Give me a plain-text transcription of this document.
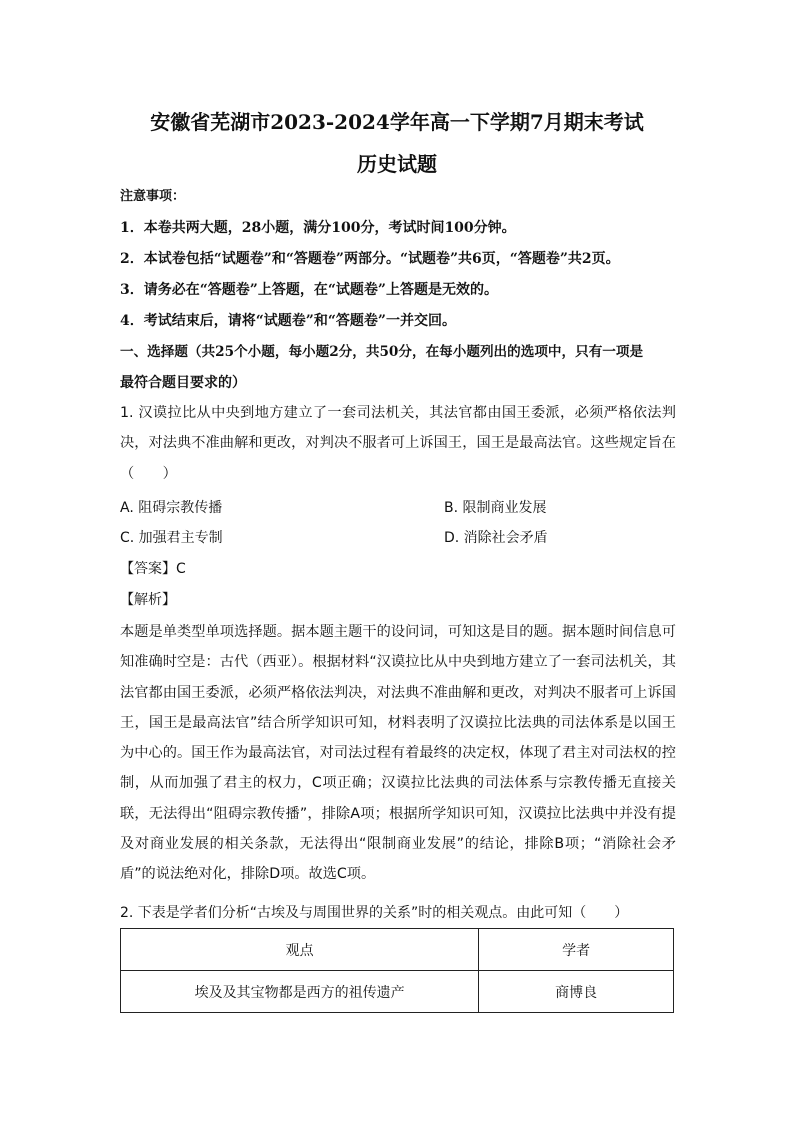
安徽省芜湖市2023-2024学年高一下学期7月期末考试
历史试题
注意事项：
1．本卷共两大题，28小题，满分100分，考试时间100分钟。
2．本试卷包括“试题卷”和“答题卷”两部分。“试题卷”共6页，“答题卷”共2页。
3．请务必在“答题卷”上答题，在“试题卷”上答题是无效的。
4．考试结束后，请将“试题卷”和“答题卷”一并交回。
一、选择题（共25个小题，每小题2分，共50分，在每小题列出的选项中，只有一项是
最符合题目要求的）
1. 汉谟拉比从中央到地方建立了一套司法机关，其法官都由国王委派，必须严格依法判决，对法典不准曲解和更改，对判决不服者可上诉国王，国王是最高法官。这些规定旨在（　　）
A. 阻碍宗教传播	B. 限制商业发展
C. 加强君主专制	D. 消除社会矛盾
【答案】C
【解析】
本题是单类型单项选择题。据本题主题干的设问词，可知这是目的题。据本题时间信息可知准确时空是：古代（西亚）。根据材料“汉谟拉比从中央到地方建立了一套司法机关，其法官都由国王委派，必须严格依法判决，对法典不准曲解和更改，对判决不服者可上诉国王，国王是最高法官”结合所学知识可知，材料表明了汉谟拉比法典的司法体系是以国王为中心的。国王作为最高法官，对司法过程有着最终的决定权，体现了君主对司法权的控制，从而加强了君主的权力，C项正确；汉谟拉比法典的司法体系与宗教传播无直接关联，无法得出“阻碍宗教传播”，排除A项；根据所学知识可知，汉谟拉比法典中并没有提及对商业发展的相关条款，无法得出“限制商业发展”的结论，排除B项；“消除社会矛盾”的说法绝对化，排除D项。故选C项。
2. 下表是学者们分析“古埃及与周围世界的关系”时的相关观点。由此可知（　　）
观点	学者
埃及及其宝物都是西方的祖传遗产	商博良
